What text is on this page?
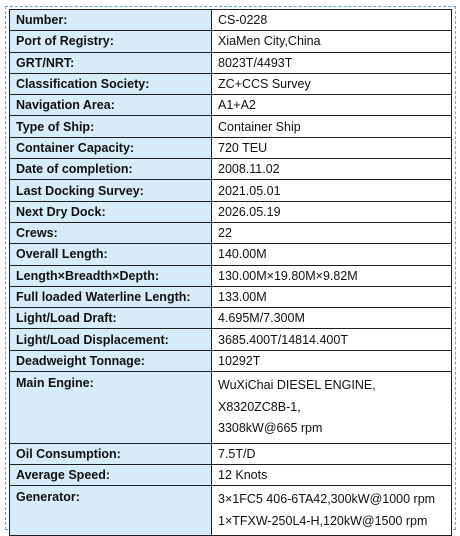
Number:	CS-0228

Port of Registry:	XiaMen City,China

GRT/NRT:	8023T/4493T

Classification Society:	ZC+CCS Survey

Navigation Area:	A1+A2

Type of Ship:	Container Ship

Container Capacity:	720 TEU

Date of completion:	2008.11.02

Last Docking Survey:	2021.05.01

Next Dry Dock:	2026.05.19

Crews:	22

Overall Length:	140.00M

Length×Breadth×Depth:	130.00M×19.80M×9.82M

Full loaded Waterline Length:	133.00M

Light/Load Draft:	4.695M/7.300M

Light/Load Displacement:	3685.400T/14814.400T

Deadweight Tonnage:	10292T

Main Engine:	WuXiChai DIESEL ENGINE,
X8320ZC8B-1,
3308kW@665 rpm

Oil Consumption:	7.5T/D

Average Speed:	12 Knots

Generator:	3×1FC5 406-6TA42,300kW@1000 rpm
1×TFXW-250L4-H,120kW@1500 rpm
